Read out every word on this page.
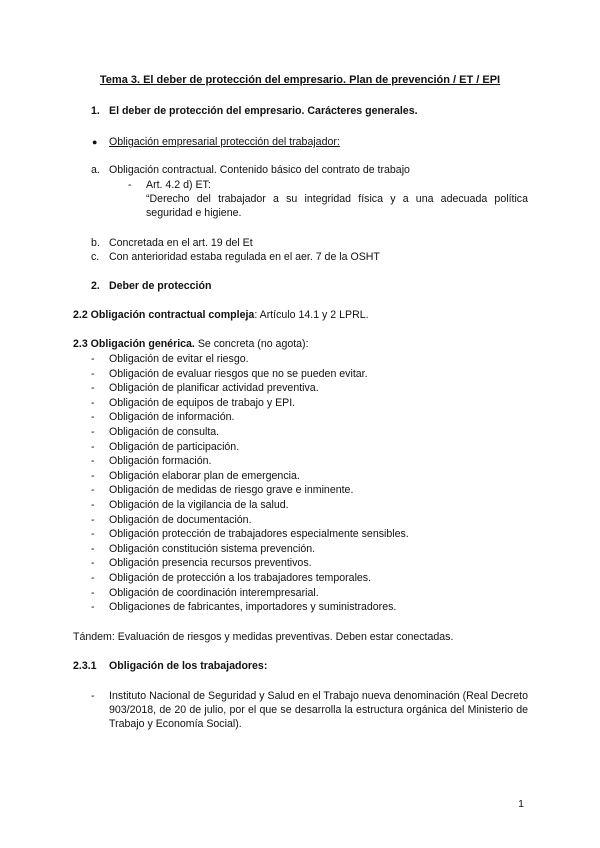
Tema 3. El deber de protección del empresario. Plan de prevención / ET / EPI
1. El deber de protección del empresario. Carácteres generales.
● Obligación empresarial protección del trabajador:
a. Obligación contractual. Contenido básico del contrato de trabajo
- Art. 4.2 d) ET:
“Derecho del trabajador a su integridad física y a una adecuada política seguridad e higiene.
b. Concretada en el art. 19 del Et
c. Con anterioridad estaba regulada en el aer. 7 de la OSHT
2. Deber de protección
2.2 Obligación contractual compleja: Artículo 14.1 y 2 LPRL.
2.3 Obligación genérica. Se concreta (no agota):
- Obligación de evitar el riesgo.
- Obligación de evaluar riesgos que no se pueden evitar.
- Obligación de planificar actividad preventiva.
- Obligación de equipos de trabajo y EPI.
- Obligación de información.
- Obligación de consulta.
- Obligación de participación.
- Obligación formación.
- Obligación elaborar plan de emergencia.
- Obligación de medidas de riesgo grave e inminente.
- Obligación de la vigilancia de la salud.
- Obligación de documentación.
- Obligación protección de trabajadores especialmente sensibles.
- Obligación constitución sistema prevención.
- Obligación presencia recursos preventivos.
- Obligación de protección a los trabajadores temporales.
- Obligación de coordinación interempresarial.
- Obligaciones de fabricantes, importadores y suministradores.
Tándem: Evaluación de riesgos y medidas preventivas. Deben estar conectadas.
2.3.1 Obligación de los trabajadores:
- Instituto Nacional de Seguridad y Salud en el Trabajo nueva denominación (Real Decreto 903/2018, de 20 de julio, por el que se desarrolla la estructura orgánica del Ministerio de Trabajo y Economía Social).
1
